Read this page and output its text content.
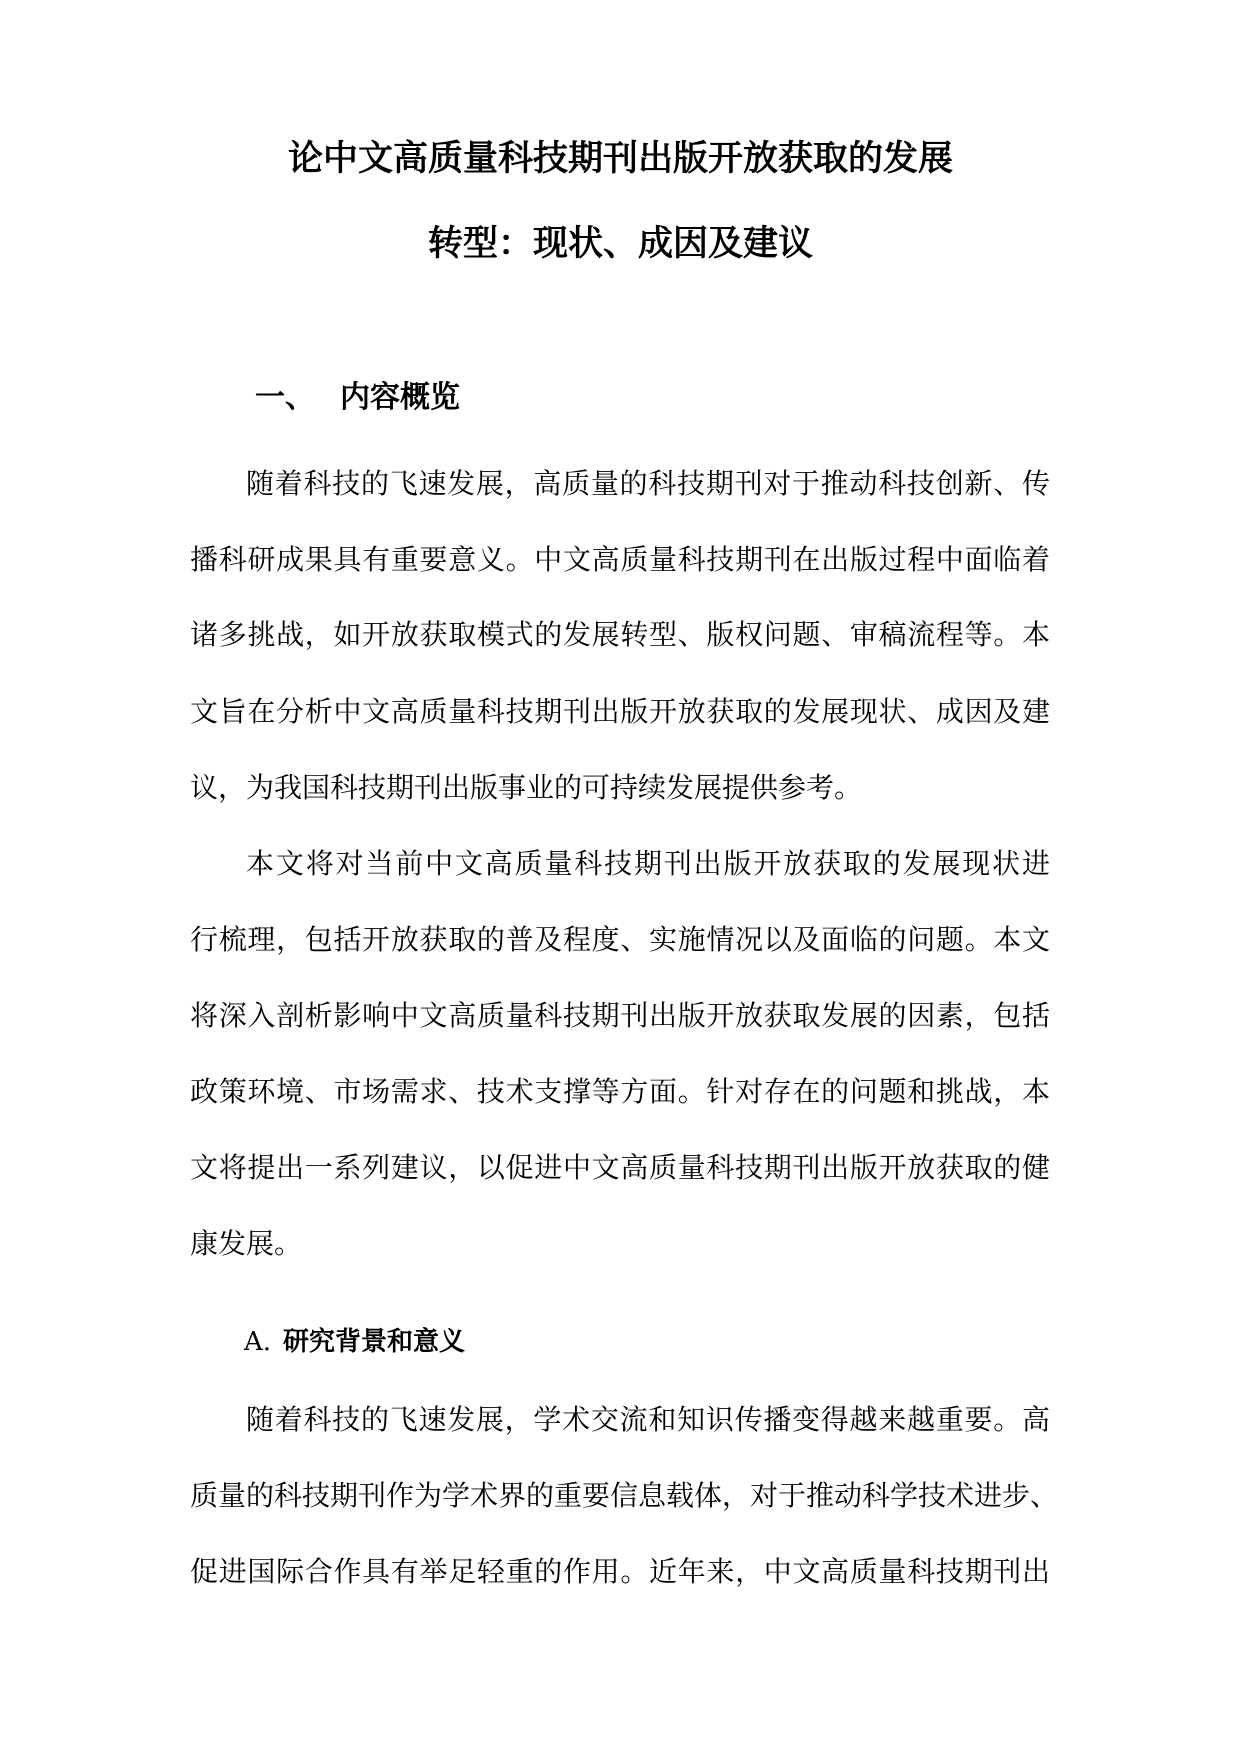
论中文高质量科技期刊出版开放获取的发展
转型：现状、成因及建议
一、 内容概览
随着科技的飞速发展，高质量的科技期刊对于推动科技创新、传
播科研成果具有重要意义。中文高质量科技期刊在出版过程中面临着
诸多挑战，如开放获取模式的发展转型、版权问题、审稿流程等。本
文旨在分析中文高质量科技期刊出版开放获取的发展现状、成因及建
议，为我国科技期刊出版事业的可持续发展提供参考。
本文将对当前中文高质量科技期刊出版开放获取的发展现状进
行梳理，包括开放获取的普及程度、实施情况以及面临的问题。本文
将深入剖析影响中文高质量科技期刊出版开放获取发展的因素，包括
政策环境、市场需求、技术支撑等方面。针对存在的问题和挑战，本
文将提出一系列建议，以促进中文高质量科技期刊出版开放获取的健
康发展。
A. 研究背景和意义
随着科技的飞速发展，学术交流和知识传播变得越来越重要。高
质量的科技期刊作为学术界的重要信息载体，对于推动科学技术进步、
促进国际合作具有举足轻重的作用。近年来，中文高质量科技期刊出
